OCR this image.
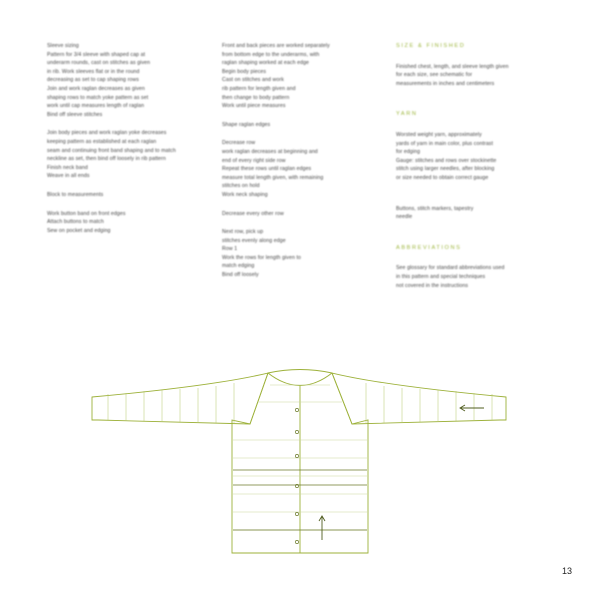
Sleeve sizing
Pattern for 3/4 sleeve with shaped cap at
underarm rounds, cast on stitches as given
in rib. Work sleeves flat or in the round
decreasing as set to cap shaping rows
Join and work raglan decreases as given
shaping rows to match yoke pattern as set
work until cap measures length of raglan
Bind off sleeve stitches
Join body pieces and work raglan yoke decreases
keeping pattern as established at each raglan
seam and continuing front band shaping and to match
neckline as set, then bind off loosely in rib pattern
Finish neck band
Weave in all ends
Block to measurements
Work button band on front edges
Attach buttons to match
Sew on pocket and edging
Front and back pieces are worked separately
from bottom edge to the underarms, with
raglan shaping worked at each edge
Begin body pieces
Cast on stitches and work
rib pattern for length given and
then change to body pattern
Work until piece measures
Shape raglan edges
Decrease row
work raglan decreases at beginning and
end of every right side row
Repeat these rows until raglan edges
measure total length given, with remaining
stitches on hold
Work neck shaping
Decrease every other row
Next row, pick up
stitches evenly along edge
Row 1
Work the rows for length given to
match edging
Bind off loosely
SIZE & FINISHED
Finished chest, length, and sleeve length given
for each size, see schematic for
measurements in inches and centimeters
YARN
Worsted weight yarn, approximately
yards of yarn in main color, plus contrast
for edging
Gauge: stitches and rows over stockinette
stitch using larger needles, after blocking
or size needed to obtain correct gauge
Buttons, stitch markers, tapestry
needle
ABBREVIATIONS
See glossary for standard abbreviations used
in this pattern and special techniques
not covered in the instructions
13
